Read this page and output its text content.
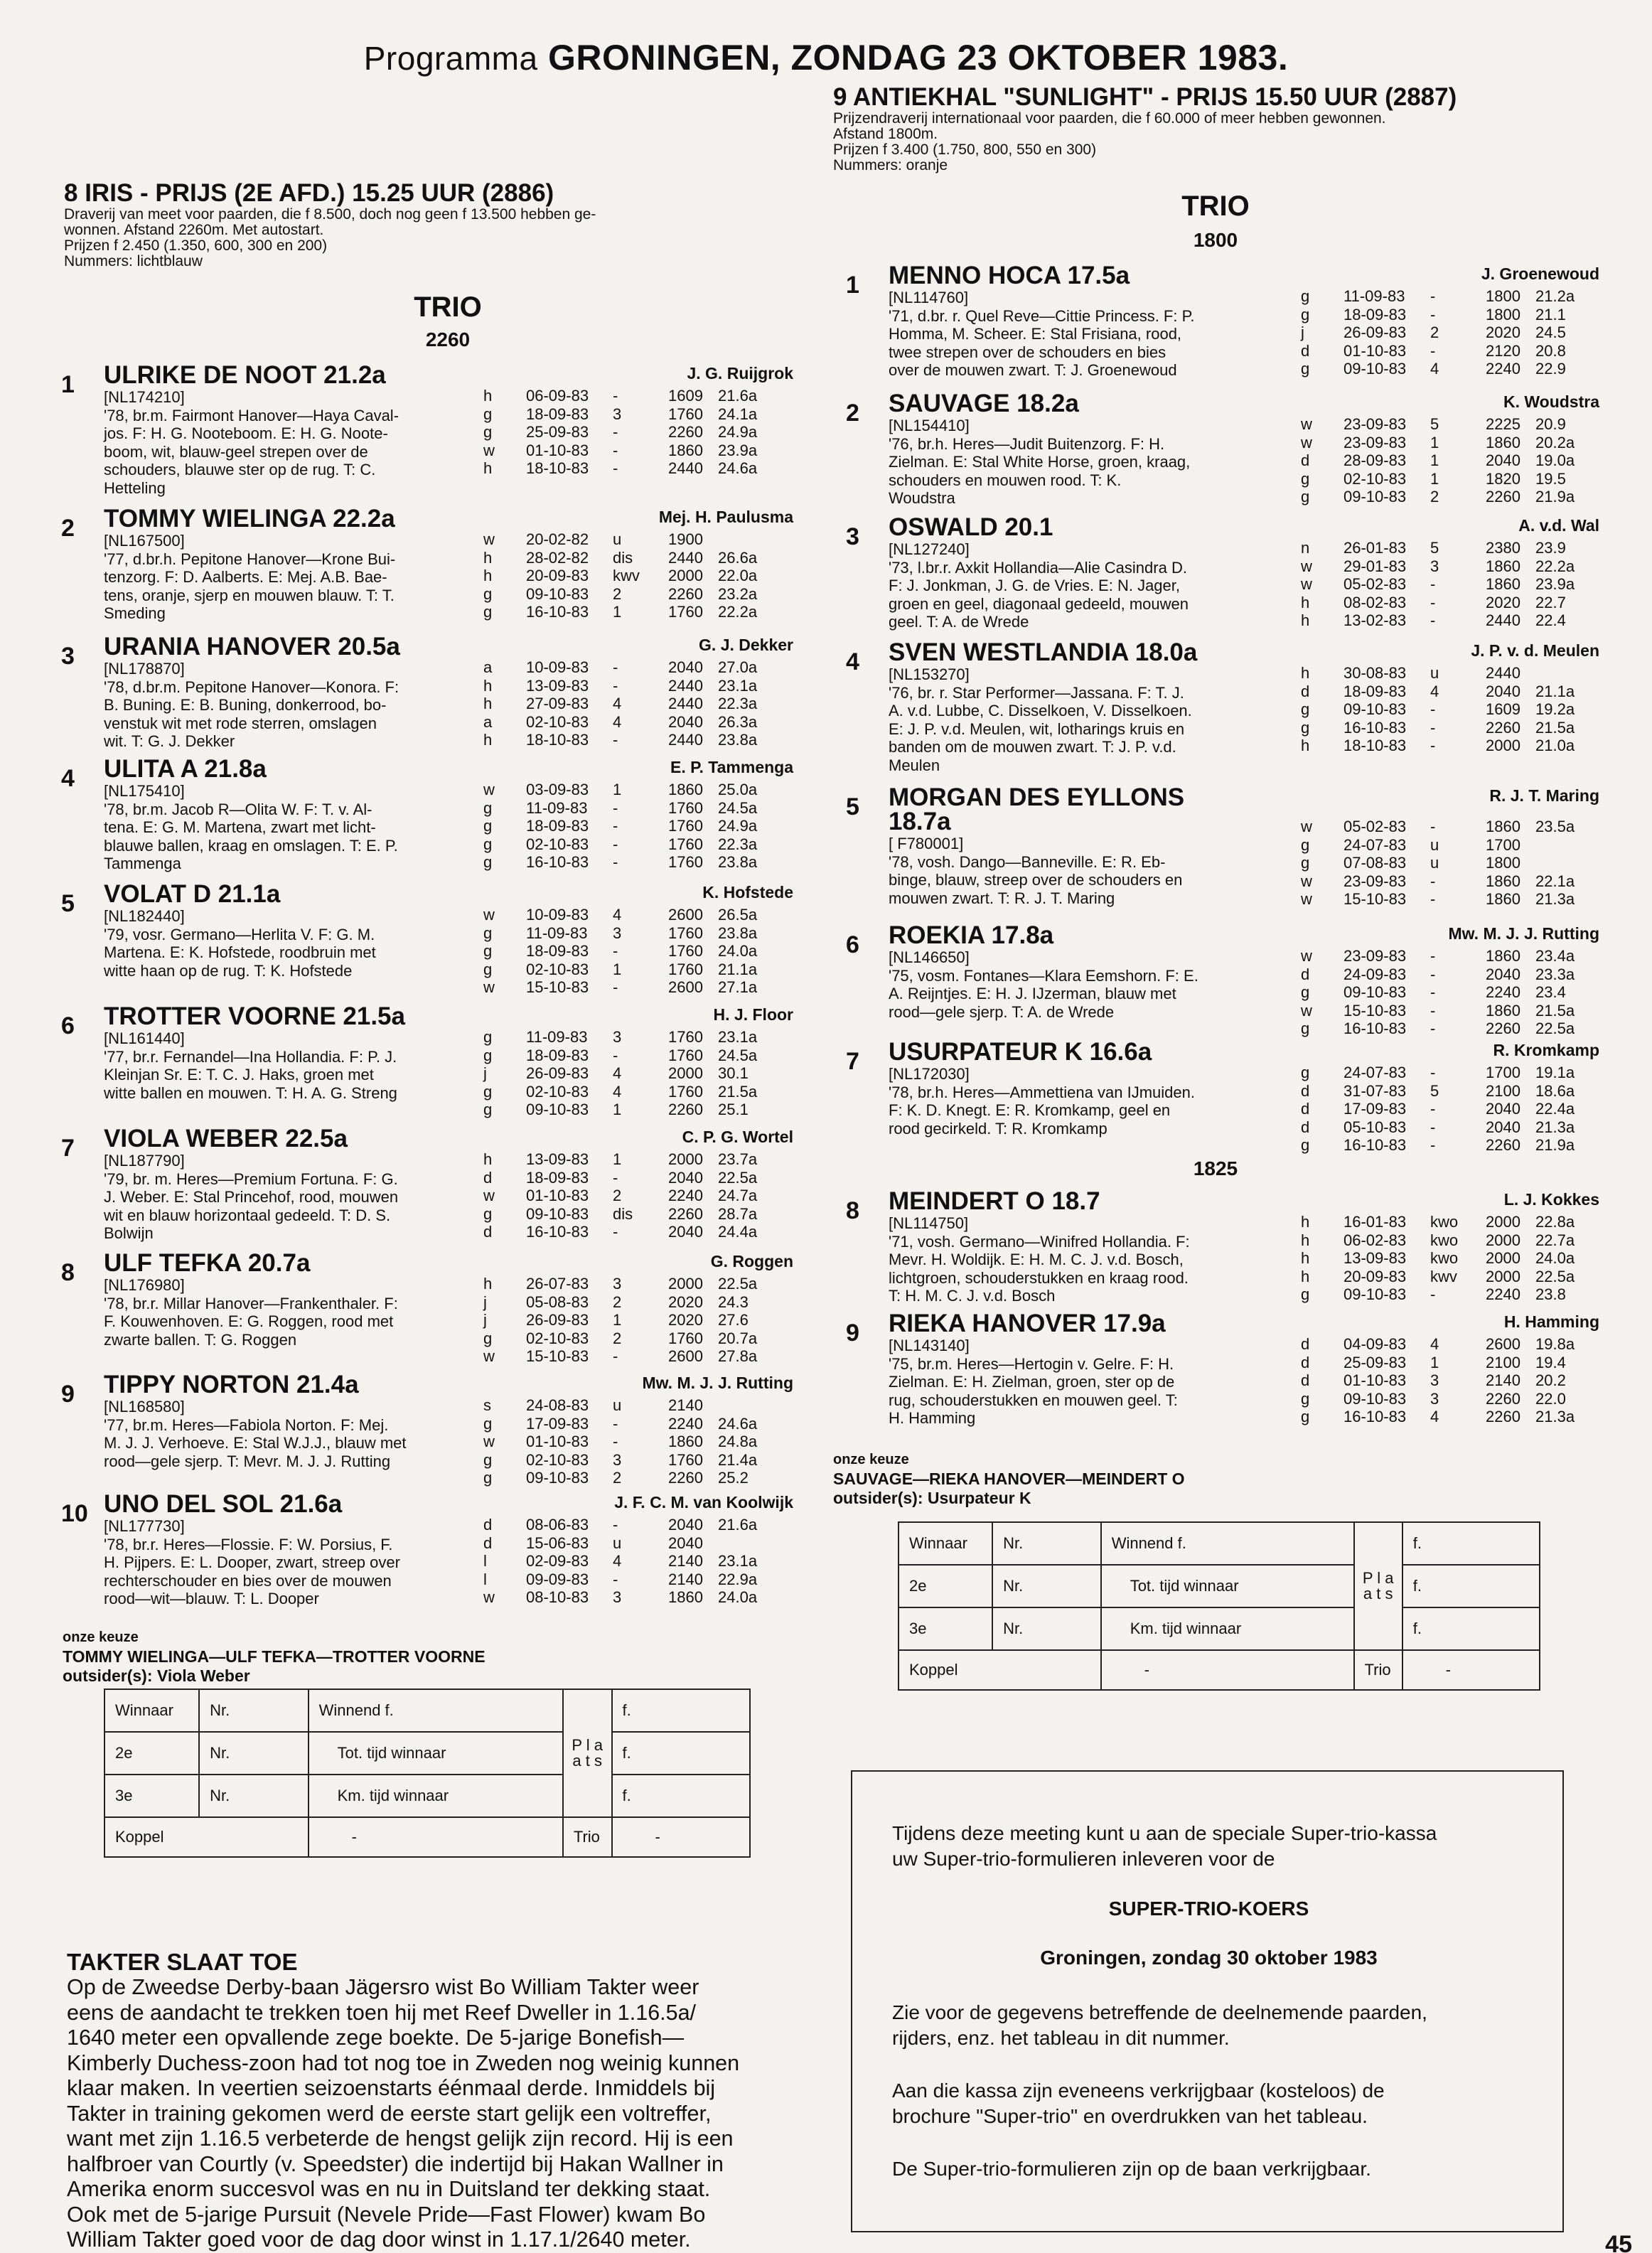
Programma GRONINGEN, ZONDAG 23 OKTOBER 1983.
8 IRIS - PRIJS (2E AFD.) 15.25 UUR (2886)
Draverij van meet voor paarden, die f 8.500, doch nog geen f 13.500 hebben ge-
wonnen. Afstand 2260m. Met autostart.
Prijzen f 2.450 (1.350, 600, 300 en 200)
Nummers: lichtblauw
TRIO
2260
1 ULRIKE DE NOOT 21.2a	J. G. Ruijgrok
[NL174210]
'78, br.m. Fairmont Hanover—Haya Caval-
jos. F: H. G. Nooteboom. E: H. G. Noote-
boom, wit, blauw-geel strepen over de
schouders, blauwe ster op de rug. T: C.
Hetteling
h 06-09-83 -	1609 21.6a
g 18-09-83 3	1760 24.1a
g 25-09-83 -	2260 24.9a
w 01-10-83 -	1860 23.9a
h 18-10-83 -	2440 24.6a
2 TOMMY WIELINGA 22.2a	Mej. H. Paulusma
[NL167500]
'77, d.br.h. Pepitone Hanover—Krone Bui-
tenzorg. F: D. Aalberts. E: Mej. A.B. Bae-
tens, oranje, sjerp en mouwen blauw. T: T.
Smeding
w 20-02-82 u	1900
h 28-02-82 dis 2440 26.6a
h 20-09-83 kwv 2000 22.0a
g 09-10-83 2	2260 23.2a
g 16-10-83 1	1760 22.2a
3 URANIA HANOVER 20.5a	G. J. Dekker
[NL178870]
'78, d.br.m. Pepitone Hanover—Konora. F:
B. Buning. E: B. Buning, donkerrood, bo-
venstuk wit met rode sterren, omslagen
wit. T: G. J. Dekker
a 10-09-83 -	2040 27.0a
h 13-09-83 -	2440 23.1a
h 27-09-83 4	2440 22.3a
a 02-10-83 4	2040 26.3a
h 18-10-83 -	2440 23.8a
4 ULITA A 21.8a	E. P. Tammenga
[NL175410]
'78, br.m. Jacob R—Olita W. F: T. v. Al-
tena. E: G. M. Martena, zwart met licht-
blauwe ballen, kraag en omslagen. T: E. P.
Tammenga
w 03-09-83 1	1860 25.0a
g 11-09-83 -	1760 24.5a
g 18-09-83 -	1760 24.9a
g 02-10-83 -	1760 22.3a
g 16-10-83 -	1760 23.8a
5 VOLAT D 21.1a	K. Hofstede
[NL182440]
'79, vosr. Germano—Herlita V. F: G. M.
Martena. E: K. Hofstede, roodbruin met
witte haan op de rug. T: K. Hofstede
w 10-09-83 4	2600 26.5a
g 11-09-83 3	1760 23.8a
g 18-09-83 -	1760 24.0a
g 02-10-83 1	1760 21.1a
w 15-10-83 -	2600 27.1a
6 TROTTER VOORNE 21.5a	H. J. Floor
[NL161440]
'77, br.r. Fernandel—Ina Hollandia. F: P. J.
Kleinjan Sr. E: T. C. J. Haks, groen met
witte ballen en mouwen. T: H. A. G. Streng
g 11-09-83 3	1760 23.1a
g 18-09-83 -	1760 24.5a
j	26-09-83 4	2000 30.1
g 02-10-83 4	1760 21.5a
g 09-10-83 1	2260 25.1
7 VIOLA WEBER 22.5a	C. P. G. Wortel
[NL187790]
'79, br. m. Heres—Premium Fortuna. F: G.
J. Weber. E: Stal Princehof, rood, mouwen
wit en blauw horizontaal gedeeld. T: D. S.
Bolwijn
h 13-09-83 1	2000 23.7a
d 18-09-83 -	2040 22.5a
w 01-10-83 2	2240 24.7a
g 09-10-83 dis 2260 28.7a
d 16-10-83 -	2040 24.4a
8 ULF TEFKA 20.7a	G. Roggen
[NL176980]
'78, br.r. Millar Hanover—Frankenthaler. F:
F. Kouwenhoven. E: G. Roggen, rood met
zwarte ballen. T: G. Roggen
h 26-07-83 3	2000 22.5a
j	05-08-83 2	2020 24.3
j	26-09-83 1	2020 27.6
g 02-10-83 2	1760 20.7a
w 15-10-83 -	2600 27.8a
9 TIPPY NORTON 21.4a	Mw. M. J. J. Rutting
[NL168580]
'77, br.m. Heres—Fabiola Norton. F: Mej.
M. J. J. Verhoeve. E: Stal W.J.J., blauw met
rood—gele sjerp. T: Mevr. M. J. J. Rutting
s 24-08-83 u	2140
g 17-09-83 -	2240 24.6a
w 01-10-83 -	1860 24.8a
g 02-10-83 3	1760 21.4a
g 09-10-83 2	2260 25.2
10 UNO DEL SOL 21.6a	J. F. C. M. van Koolwijk
[NL177730]
'78, br.r. Heres—Flossie. F: W. Porsius, F.
H. Pijpers. E: L. Dooper, zwart, streep over
rechterschouder en bies over de mouwen
rood—wit—blauw. T: L. Dooper
d 08-06-83 -	2040 21.6a
d 15-06-83 u	2040
l	02-09-83 4	2140 23.1a
l	09-09-83 -	2140 22.9a
w 08-10-83 3	1860 24.0a
onze keuze
TOMMY WIELINGA—ULF TEFKA—TROTTER VOORNE
outsider(s): Viola Weber
9 ANTIEKHAL "SUNLIGHT" - PRIJS 15.50 UUR (2887)
Prijzendraverij internationaal voor paarden, die f 60.000 of meer hebben gewonnen.
Afstand 1800m.
Prijzen f 3.400 (1.750, 800, 550 en 300)
Nummers: oranje
TRIO
1800
1825
1 MENNO HOCA 17.5a	J. Groenewoud
[NL114760]
'71, d.br. r. Quel Reve—Cittie Princess. F: P.
Homma, M. Scheer. E: Stal Frisiana, rood,
twee strepen over de schouders en bies
over de mouwen zwart. T: J. Groenewoud
g 11-09-83 -	1800 21.2a
g 18-09-83 -	1800 21.1
j	26-09-83 2	2020 24.5
d 01-10-83 -	2120 20.8
g 09-10-83 4	2240 22.9
2 SAUVAGE 18.2a	K. Woudstra
[NL154410]
'76, br.h. Heres—Judit Buitenzorg. F: H.
Zielman. E: Stal White Horse, groen, kraag,
schouders en mouwen rood. T: K.
Woudstra
w 23-09-83 5	2225 20.9
w 23-09-83 1	1860 20.2a
d 28-09-83 1	2040 19.0a
g 02-10-83 1	1820 19.5
g 09-10-83 2	2260 21.9a
3 OSWALD 20.1	A. v.d. Wal
[NL127240]
'73, l.br.r. Axkit Hollandia—Alie Casindra D.
F: J. Jonkman, J. G. de Vries. E: N. Jager,
groen en geel, diagonaal gedeeld, mouwen
geel. T: A. de Wrede
n 26-01-83 5	2380 23.9
w 29-01-83 3	1860 22.2a
w 05-02-83 -	1860 23.9a
h 08-02-83 -	2020 22.7
h 13-02-83 -	2440 22.4
4 SVEN WESTLANDIA 18.0a	J. P. v. d. Meulen
[NL153270]
'76, br. r. Star Performer—Jassana. F: T. J.
A. v.d. Lubbe, C. Disselkoen, V. Disselkoen.
E: J. P. v.d. Meulen, wit, lotharings kruis en
banden om de mouwen zwart. T: J. P. v.d.
Meulen
h 30-08-83 u	2440
d 18-09-83 4	2040 21.1a
g 09-10-83 -	1609 19.2a
g 16-10-83 -	2260 21.5a
h 18-10-83 -	2000 21.0a
5 MORGAN DES EYLLONS
18.7a
R. J. T. Maring
[ F780001]
'78, vosh. Dango—Banneville. E: R. Eb-
binge, blauw, streep over de schouders en
mouwen zwart. T: R. J. T. Maring
w 05-02-83 -	1860 23.5a
g 24-07-83 u	1700
g 07-08-83 u	1800
w 23-09-83 -	1860 22.1a
w 15-10-83 -	1860 21.3a
6 ROEKIA 17.8a	Mw. M. J. J. Rutting
[NL146650]
'75, vosm. Fontanes—Klara Eemshorn. F: E.
A. Reijntjes. E: H. J. IJzerman, blauw met
rood—gele sjerp. T: A. de Wrede
w 23-09-83 -	1860 23.4a
d 24-09-83 -	2040 23.3a
g 09-10-83 -	2240 23.4
w 15-10-83 -	1860 21.5a
g 16-10-83 -	2260 22.5a
7 USURPATEUR K 16.6a	R. Kromkamp
[NL172030]
'78, br.h. Heres—Ammettiena van IJmuiden.
F: K. D. Knegt. E: R. Kromkamp, geel en
rood gecirkeld. T: R. Kromkamp
g 24-07-83 -	1700 19.1a
d 31-07-83 5	2100 18.6a
d 17-09-83 -	2040 22.4a
d 05-10-83 -	2040 21.3a
g 16-10-83 -	2260 21.9a
8 MEINDERT O 18.7	L. J. Kokkes
[NL114750]
'71, vosh. Germano—Winifred Hollandia. F:
Mevr. H. Woldijk. E: H. M. C. J. v.d. Bosch,
lichtgroen, schouderstukken en kraag rood.
T: H. M. C. J. v.d. Bosch
h 16-01-83 kwo 2000 22.8a
h 06-02-83 kwo 2000 22.7a
h 13-09-83 kwo 2000 24.0a
h 20-09-83 kwv 2000 22.5a
g 09-10-83 -	2240 23.8
9 RIEKA HANOVER 17.9a	H. Hamming
[NL143140]
'75, br.m. Heres—Hertogin v. Gelre. F: H.
Zielman. E: H. Zielman, groen, ster op de
rug, schouderstukken en mouwen geel. T:
H. Hamming
d 04-09-83 4	2600 19.8a
d 25-09-83 1	2100 19.4
d 01-10-83 3	2140 20.2
g 09-10-83 3	2260 22.0
g 16-10-83 4	2260 21.3a
onze keuze
SAUVAGE—RIEKA HANOVER—MEINDERT O
outsider(s): Usurpateur K
Winnaar	Nr.	Winnend f.	P l a a t s	f.
2e	Nr.	Tot. tijd winnaar		f.
3e	Nr.	Km. tijd winnaar		f.
Koppel		-	Trio	-
Winnaar	Nr.	Winnend f.	P l a a t s	f.
2e	Nr.	Tot. tijd winnaar		f.
3e	Nr.	Km. tijd winnaar		f.
Koppel		-	Trio	-
TAKTER SLAAT TOE
Op de Zweedse Derby-baan Jägersro wist Bo William Takter weer
eens de aandacht te trekken toen hij met Reef Dweller in 1.16.5a/
1640 meter een opvallende zege boekte. De 5-jarige Bonefish—
Kimberly Duchess-zoon had tot nog toe in Zweden nog weinig kunnen
klaar maken. In veertien seizoenstarts éénmaal derde. Inmiddels bij
Takter in training gekomen werd de eerste start gelijk een voltreffer,
want met zijn 1.16.5 verbeterde de hengst gelijk zijn record. Hij is een
halfbroer van Courtly (v. Speedster) die indertijd bij Hakan Wallner in
Amerika enorm succesvol was en nu in Duitsland ter dekking staat.
Ook met de 5-jarige Pursuit (Nevele Pride—Fast Flower) kwam Bo
William Takter goed voor de dag door winst in 1.17.1/2640 meter.

Tijdens deze meeting kunt u aan de speciale Super-trio-kassa

uw Super-trio-formulieren inleveren voor de

SUPER-TRIO-KOERS

Groningen, zondag 30 oktober 1983

Zie voor de gegevens betreffende de deelnemende paarden,

rijders, enz. het tableau in dit nummer.

Aan die kassa zijn eveneens verkrijgbaar (kosteloos) de

brochure "Super-trio" en overdrukken van het tableau.

De Super-trio-formulieren zijn op de baan verkrijgbaar.

45
